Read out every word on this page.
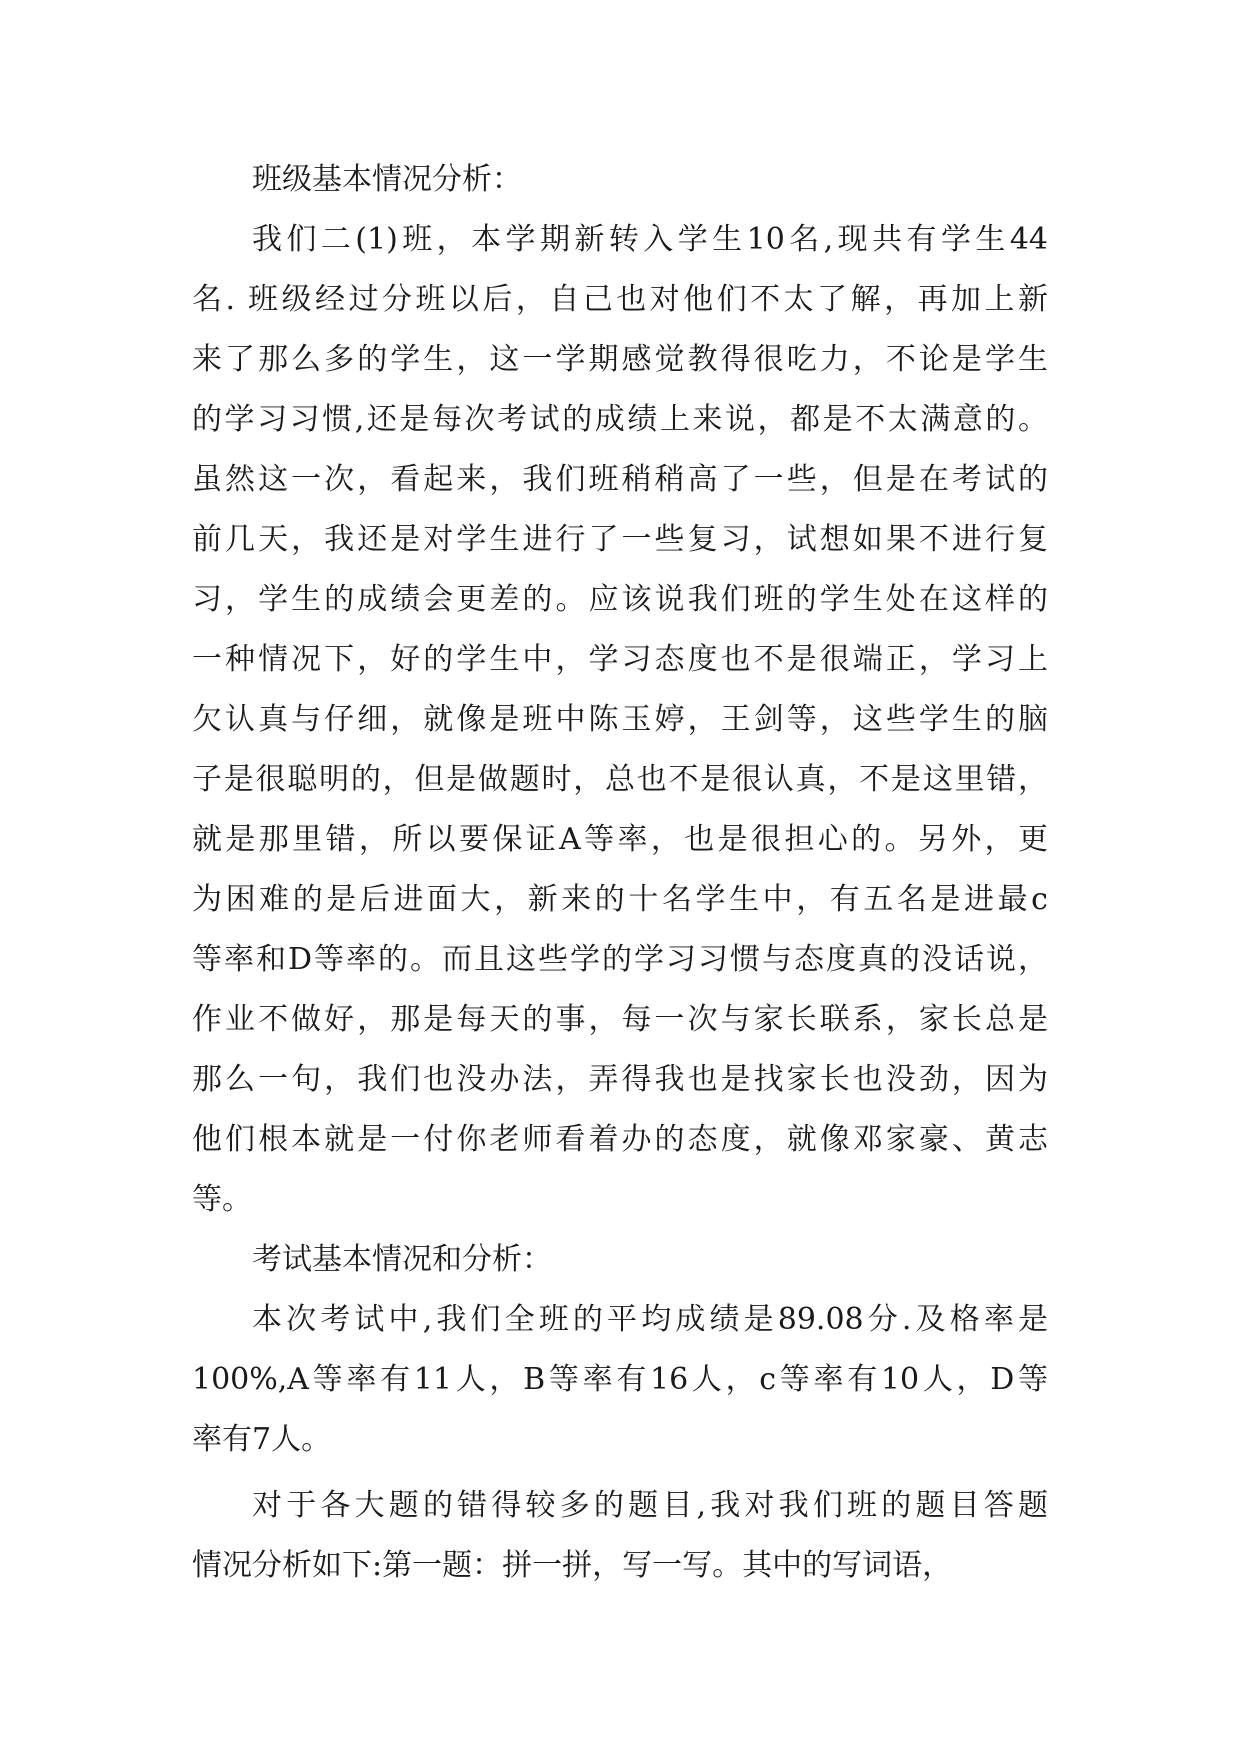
班级基本情况分析：
我们二(1)班，本学期新转入学生10名,现共有学生44
名. 班级经过分班以后，自己也对他们不太了解，再加上新
来了那么多的学生，这一学期感觉教得很吃力，不论是学生
的学习习惯,还是每次考试的成绩上来说，都是不太满意的。
虽然这一次，看起来，我们班稍稍高了一些，但是在考试的
前几天，我还是对学生进行了一些复习，试想如果不进行复
习，学生的成绩会更差的。应该说我们班的学生处在这样的
一种情况下，好的学生中，学习态度也不是很端正，学习上
欠认真与仔细，就像是班中陈玉婷，王剑等，这些学生的脑
子是很聪明的，但是做题时，总也不是很认真，不是这里错，
就是那里错，所以要保证A等率，也是很担心的。另外，更
为困难的是后进面大，新来的十名学生中，有五名是进最c
等率和D等率的。而且这些学的学习习惯与态度真的没话说，
作业不做好，那是每天的事，每一次与家长联系，家长总是
那么一句，我们也没办法，弄得我也是找家长也没劲，因为
他们根本就是一付你老师看着办的态度，就像邓家豪、黄志
等。
考试基本情况和分析：
本次考试中,我们全班的平均成绩是89.08分.及格率是
100%,A等率有11人，B等率有16人，c等率有10人，D等
率有7人。
对于各大题的错得较多的题目,我对我们班的题目答题
情况分析如下:第一题：拼一拼，写一写。其中的写词语，
